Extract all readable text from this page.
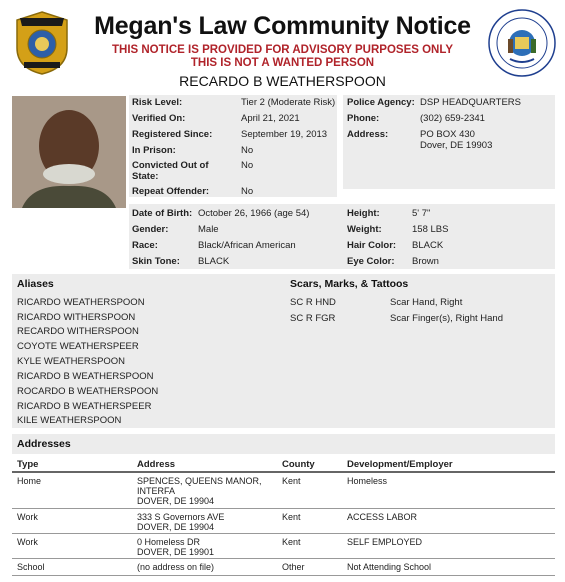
Megan's Law Community Notice
THIS NOTICE IS PROVIDED FOR ADVISORY PURPOSES ONLY
THIS IS NOT A WANTED PERSON
RECARDO B WEATHERSPOON
Risk Level:	Tier 2 (Moderate Risk)
Verified On:	April 21, 2021
Registered Since:	September 19, 2013
In Prison:	No
Convicted Out of State:
No
Repeat Offender:	No
Police Agency: DSP HEADQUARTERS
Phone:	(302) 659-2341
Address:	PO BOX 430
Dover, DE 19903
Date of Birth: October 26, 1966 (age 54)
Gender:	Male
Race:	Black/African American
Skin Tone: BLACK
Height:	5' 7"
Weight:	158 LBS
Hair Color: BLACK
Eye Color: Brown
Aliases
RICARDO WEATHERSPOON
RICARDO WITHERSPOON
RECARDO WITHERSPOON
COYOTE WEATHERSPEER
KYLE WEATHERSPOON
RICARDO B WEATHERSPOON
ROCARDO B WEATHERSPOON
RICARDO B WEATHERSPEER
KILE WEATHERSPOON
Scars, Marks, & Tattoos
SC R HND	Scar Hand, Right
SC R FGR	Scar Finger(s), Right Hand
Addresses
Type	Address	County	Development/Employer
Home	SPENCES, QUEENS MANOR,
INTERFA
DOVER, DE 19904
Kent	Homeless
Work	333 S Governors AVE
DOVER, DE 19904
Kent	ACCESS LABOR
Work	0 Homeless DR
DOVER, DE 19901
Kent	SELF EMPLOYED
School	(no address on file)	Other	Not Attending School
